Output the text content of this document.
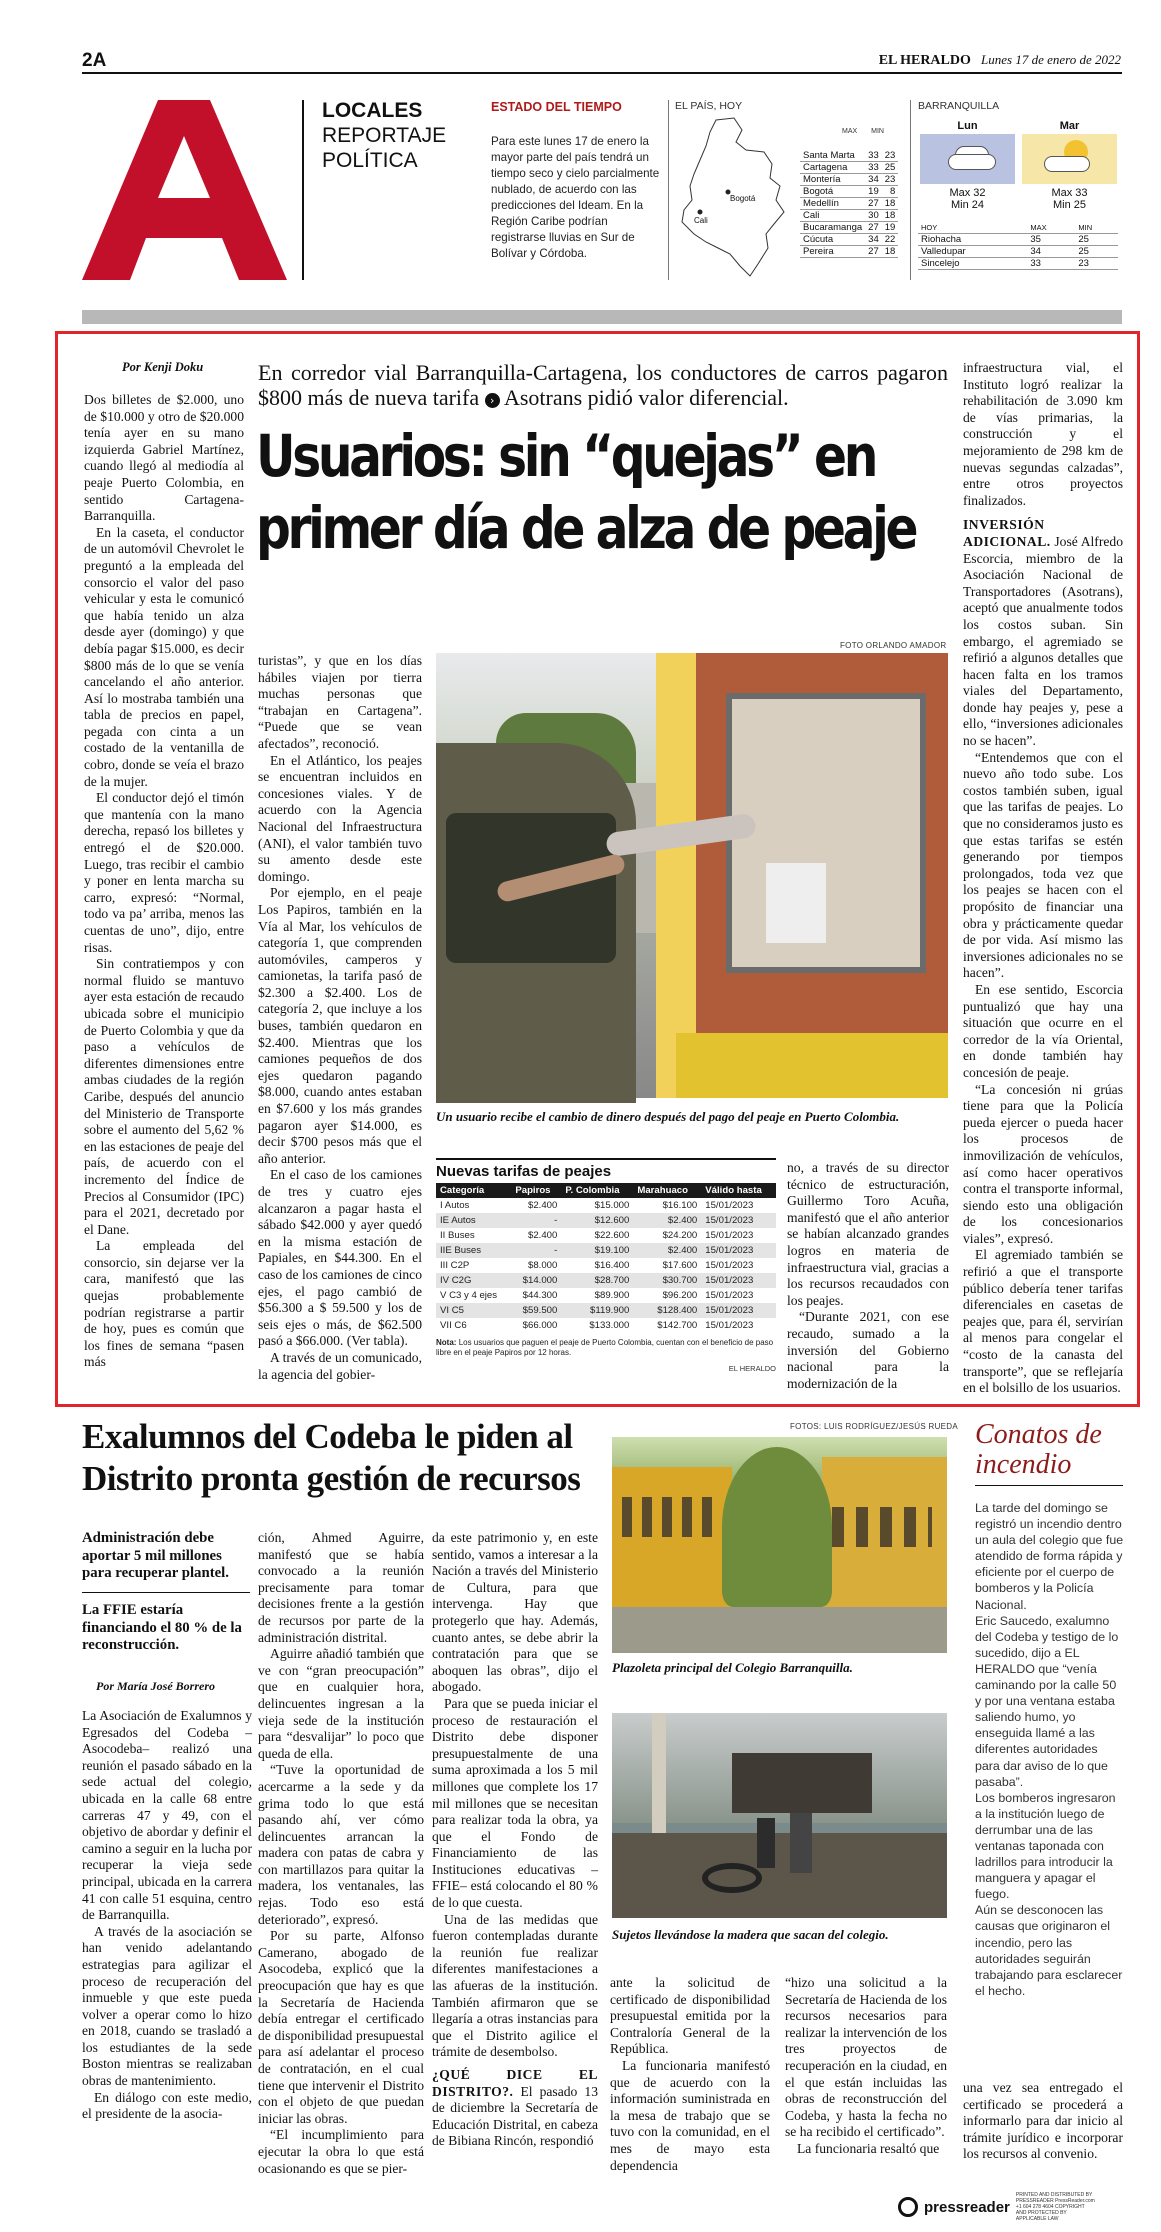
2A	EL HERALDO Lunes 17 de enero de 2022
LOCALES
REPORTAJE
POLÍTICA
ESTADO DEL TIEMPO
Para este lunes 17 de enero la mayor parte del país tendrá un tiempo seco y cielo parcialmente nublado, de acuerdo con las predicciones del Ideam. En la Región Caribe podrían registrarse lluvias en Sur de Bolívar y Córdoba.
EL PAÍS, HOY
Bogotá
Cali
MAX MIN
Santa Marta	33	23
Cartagena	33	25
Montería	34	23
Bogotá	19	8
Medellín	27	18
Cali	30	18
Bucaramanga	27	19
Cúcuta	34	22
Pereira	27	18
BARRANQUILLA
Lun
Max 32
Min 24
Mar
Max 33
Min 25
HOY	MAX	MIN
Riohacha	35	25
Valledupar	34	25
Sincelejo	33	23
Por Kenji Doku

Dos billetes de $2.000, uno de $10.000 y otro de $20.000 tenía ayer en su mano izquierda Gabriel Martínez, cuando llegó al mediodía al peaje Puerto Colombia, en sentido Cartagena-Barranquilla.

En la caseta, el conductor de un automóvil Chevrolet le preguntó a la empleada del consorcio el valor del paso vehicular y esta le comunicó que había tenido un alza desde ayer (domingo) y que debía pagar $15.000, es decir $800 más de lo que se venía cancelando el año anterior. Así lo mostraba también una tabla de precios en papel, pegada con cinta a un costado de la ventanilla de cobro, donde se veía el brazo de la mujer.

El conductor dejó el timón que mantenía con la mano derecha, repasó los billetes y entregó el de $20.000. Luego, tras recibir el cambio y poner en lenta marcha su carro, expresó: “Normal, todo va pa’ arriba, menos las cuentas de uno”, dijo, entre risas.

Sin contratiempos y con normal fluido se mantuvo ayer esta estación de recaudo ubicada sobre el municipio de Puerto Colombia y que da paso a vehículos de diferentes dimensiones entre ambas ciudades de la región Caribe, después del anuncio del Ministerio de Transporte sobre el aumento del 5,62 % en las estaciones de peaje del país, de acuerdo con el incremento del Índice de Precios al Consumidor (IPC) para el 2021, decretado por el Dane.

La empleada del consorcio, sin dejarse ver la cara, manifestó que las quejas probablemente podrían registrarse a partir de hoy, pues es común que los fines de semana “pasen más

En corredor vial Barranquilla-Cartagena, los conductores de carros pagaron $800 más de nueva tarifa › Asotrans pidió valor diferencial.
Usuarios: sin “quejas” en primer día de alza de peaje
FOTO ORLANDO AMADOR
Un usuario recibe el cambio de dinero después del pago del peaje en Puerto Colombia.

turistas”, y que en los días hábiles viajen por tierra muchas personas que “trabajan en Cartagena”. “Puede que se vean afectados”, reconoció.

En el Atlántico, los peajes se encuentran incluidos en concesiones viales. Y de acuerdo con la Agencia Nacional del Infraestructura (ANI), el valor también tuvo su amento desde este domingo.

Por ejemplo, en el peaje Los Papiros, también en la Vía al Mar, los vehículos de categoría 1, que comprenden automóviles, camperos y camionetas, la tarifa pasó de $2.300 a $2.400. Los de categoría 2, que incluye a los buses, también quedaron en $2.400. Mientras que los camiones pequeños de dos ejes quedaron pagando $8.000, cuando antes estaban en $7.600 y los más grandes pagaron ayer $14.000, es decir $700 pesos más que el año anterior.

En el caso de los camiones de tres y cuatro ejes alcanzaron a pagar hasta el sábado $42.000 y ayer quedó en la misma estación de Papiales, en $44.300. En el caso de los camiones de cinco ejes, el pago cambió de $56.300 a $ 59.500 y los de seis ejes o más, de $62.500 pasó a $66.000. (Ver tabla).

A través de un comunicado, la agencia del gobier-

Nuevas tarifas de peajes
Categoría	Papiros	P. Colombia	Marahuaco	Válido hasta
I Autos	$2.400	$15.000	$16.100	15/01/2023
IE Autos	-	$12.600	$2.400	15/01/2023
II Buses	$2.400	$22.600	$24.200	15/01/2023
IIE Buses	-	$19.100	$2.400	15/01/2023
III C2P	$8.000	$16.400	$17.600	15/01/2023
IV C2G	$14.000	$28.700	$30.700	15/01/2023
V C3 y 4 ejes	$44.300	$89.900	$96.200	15/01/2023
VI C5	$59.500	$119.900	$128.400	15/01/2023
VII C6	$66.000	$133.000	$142.700	15/01/2023
Nota: Los usuarios que paguen el peaje de Puerto Colombia, cuentan con el beneficio de paso libre en el peaje Papiros por 12 horas.
EL HERALDO

no, a través de su director técnico de estructuración, Guillermo Toro Acuña, manifestó que el año anterior se habían alcanzado grandes logros en materia de infraestructura vial, gracias a los recursos recaudados con los peajes.

“Durante 2021, con ese recaudo, sumado a la inversión del Gobierno nacional para la modernización de la

infraestructura vial, el Instituto logró realizar la rehabilitación de 3.090 km de vías primarias, la construcción y el mejoramiento de 298 km de nuevas segundas calzadas”, entre otros proyectos finalizados.

INVERSIÓN ADICIONAL. José Alfredo Escorcia, miembro de la Asociación Nacional de Transportadores (Asotrans), aceptó que anualmente todos los costos suban. Sin embargo, el agremiado se refirió a algunos detalles que hacen falta en los tramos viales del Departamento, donde hay peajes y, pese a ello, “inversiones adicionales no se hacen”.

“Entendemos que con el nuevo año todo sube. Los costos también suben, igual que las tarifas de peajes. Lo que no consideramos justo es que estas tarifas se estén generando por tiempos prolongados, toda vez que los peajes se hacen con el propósito de financiar una obra y prácticamente quedar de por vida. Así mismo las inversiones adicionales no se hacen”.

En ese sentido, Escorcia puntualizó que hay una situación que ocurre en el corredor de la vía Oriental, en donde también hay concesión de peaje.

“La concesión ni grúas tiene para que la Policía pueda ejercer o pueda hacer los procesos de inmovilización de vehículos, así como hacer operativos contra el transporte informal, siendo esto una obligación de los concesionarios viales”, expresó.

El agremiado también se refirió a que el transporte público debería tener tarifas diferenciales en casetas de peajes que, para él, servirían al menos para congelar el “costo de la canasta del transporte”, que se reflejaría en el bolsillo de los usuarios.

Exalumnos del Codeba le piden al Distrito pronta gestión de recursos
FOTOS: LUIS RODRÍGUEZ/JESÚS RUEDA
Administración debe aportar 5 mil millones para recuperar plantel.
La FFIE estaría financiando el 80 % de la reconstrucción.
Por María José Borrero

La Asociación de Exalumnos y Egresados del Codeba –Asocodeba– realizó una reunión el pasado sábado en la sede actual del colegio, ubicada en la calle 68 entre carreras 47 y 49, con el objetivo de abordar y definir el camino a seguir en la lucha por recuperar la vieja sede principal, ubicada en la carrera 41 con calle 51 esquina, centro de Barranquilla.

A través de la asociación se han venido adelantando estrategias para agilizar el proceso de recuperación del inmueble y que este pueda volver a operar como lo hizo en 2018, cuando se trasladó a los estudiantes de la sede Boston mientras se realizaban obras de mantenimiento.

En diálogo con este medio, el presidente de la asocia-

ción, Ahmed Aguirre, manifestó que se había convocado a la reunión precisamente para tomar decisiones frente a la gestión de recursos por parte de la administración distrital.

Aguirre añadió también que ve con “gran preocupación” que en cualquier hora, delincuentes ingresan a la vieja sede de la institución para “desvalijar” lo poco que queda de ella.

“Tuve la oportunidad de acercarme a la sede y da grima todo lo que está pasando ahí, ver cómo delincuentes arrancan la madera con patas de cabra y con martillazos para quitar la madera, los ventanales, las rejas. Todo eso está deteriorado”, expresó.

Por su parte, Alfonso Camerano, abogado de Asocodeba, explicó que la preocupación que hay es que la Secretaría de Hacienda debía entregar el certificado de disponibilidad presupuestal para así adelantar el proceso de contratación, en el cual tiene que intervenir el Distrito con el objeto de que puedan iniciar las obras.

“El incumplimiento para ejecutar la obra lo que está ocasionando es que se pier-

da este patrimonio y, en este sentido, vamos a interesar a la Nación a través del Ministerio de Cultura, para que intervenga. Hay que protegerlo que hay. Además, cuanto antes, se debe abrir la contratación para que se aboquen las obras”, dijo el abogado.

Para que se pueda iniciar el proceso de restauración el Distrito debe disponer presupuestalmente de una suma aproximada a los 5 mil millones que complete los 17 mil millones que se necesitan para realizar toda la obra, ya que el Fondo de Financiamiento de las Instituciones educativas –FFIE– está colocando el 80 % de lo que cuesta.

Una de las medidas que fueron contempladas durante la reunión fue realizar diferentes manifestaciones a las afueras de la institución. También afirmaron que se llegaría a otras instancias para que el Distrito agilice el trámite de desembolso.

¿QUÉ DICE EL DISTRITO?. El pasado 13 de diciembre la Secretaría de Educación Distrital, en cabeza de Bibiana Rincón, respondió

Plazoleta principal del Colegio Barranquilla.
Sujetos llevándose la madera que sacan del colegio.

ante la solicitud de certificado de disponibilidad presupuestal emitida por la Contraloría General de la República.

La funcionaria manifestó que de acuerdo con la información suministrada en la mesa de trabajo que se tuvo con la comunidad, en el mes de mayo esta dependencia

“hizo una solicitud a la Secretaría de Hacienda de los recursos necesarios para realizar la intervención de los tres proyectos de recuperación en la ciudad, en el que están incluidas las obras de reconstrucción del Codeba, y hasta la fecha no se ha recibido el certificado”.

La funcionaria resaltó que

Conatos de incendio

La tarde del domingo se registró un incendio dentro un aula del colegio que fue atendido de forma rápida y eficiente por el cuerpo de bomberos y la Policía Nacional.

Eric Saucedo, exalumno del Codeba y testigo de lo sucedido, dijo a EL HERALDO que “venía caminando por la calle 50 y por una ventana estaba saliendo humo, yo enseguida llamé a las diferentes autoridades para dar aviso de lo que pasaba”.

Los bomberos ingresaron a la institución luego de derrumbar una de las ventanas taponada con ladrillos para introducir la manguera y apagar el fuego.

Aún se desconocen las causas que originaron el incendio, pero las autoridades seguirán trabajando para esclarecer el hecho.

una vez sea entregado el certificado se procederá a informarlo para dar inicio al trámite jurídico e incorporar los recursos al convenio.

pressreader
PRINTED AND DISTRIBUTED BY PRESSREADER PressReader.com +1 604 278 4604 COPYRIGHT AND PROTECTED BY APPLICABLE LAW
